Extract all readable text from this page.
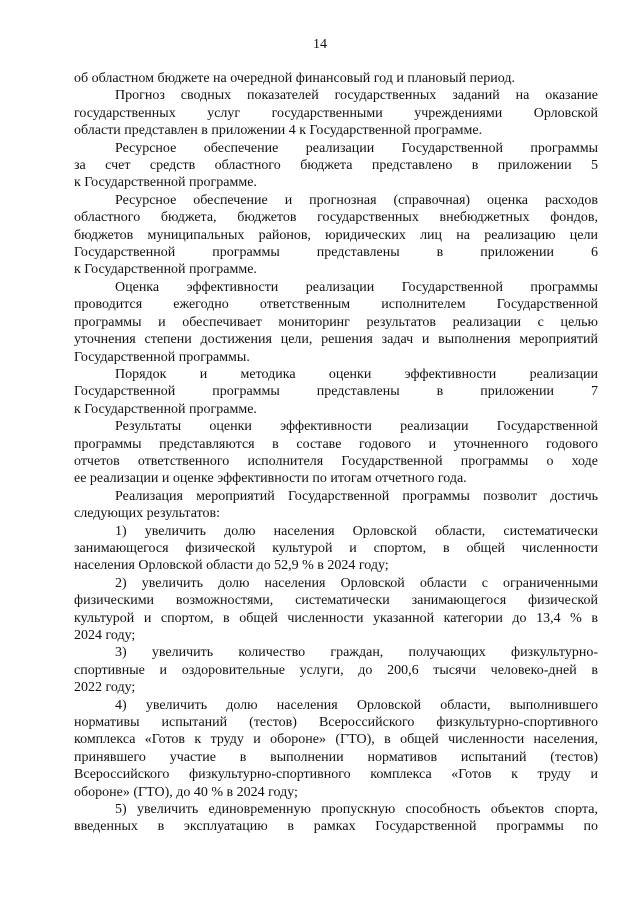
14
об областном бюджете на очередной финансовый год и плановый период.
Прогноз сводных показателей государственных заданий на оказание
государственных услуг государственными учреждениями Орловской
области представлен в приложении 4 к Государственной программе.
Ресурсное обеспечение реализации Государственной программы
за счет средств областного бюджета представлено в приложении 5
к Государственной программе.
Ресурсное обеспечение и прогнозная (справочная) оценка расходов
областного бюджета, бюджетов государственных внебюджетных фондов,
бюджетов муниципальных районов, юридических лиц на реализацию цели
Государственной программы представлены в приложении 6
к Государственной программе.
Оценка эффективности реализации Государственной программы
проводится ежегодно ответственным исполнителем Государственной
программы и обеспечивает мониторинг результатов реализации с целью
уточнения степени достижения цели, решения задач и выполнения мероприятий
Государственной программы.
Порядок и методика оценки эффективности реализации
Государственной программы представлены в приложении 7
к Государственной программе.
Результаты оценки эффективности реализации Государственной
программы представляются в составе годового и уточненного годового
отчетов ответственного исполнителя Государственной программы о ходе
ее реализации и оценке эффективности по итогам отчетного года.
Реализация мероприятий Государственной программы позволит достичь
следующих результатов:
1) увеличить долю населения Орловской области, систематически
занимающегося физической культурой и спортом, в общей численности
населения Орловской области до 52,9 % в 2024 году;
2) увеличить долю населения Орловской области с ограниченными
физическими возможностями, систематически занимающегося физической
культурой и спортом, в общей численности указанной категории до 13,4 % в
2024 году;
3) увеличить количество граждан, получающих физкультурно-
спортивные и оздоровительные услуги, до 200,6 тысячи человеко-дней в
2022 году;
4) увеличить долю населения Орловской области, выполнившего
нормативы испытаний (тестов) Всероссийского физкультурно-спортивного
комплекса «Готов к труду и обороне» (ГТО), в общей численности населения,
принявшего участие в выполнении нормативов испытаний (тестов)
Всероссийского физкультурно-спортивного комплекса «Готов к труду и
обороне» (ГТО), до 40 % в 2024 году;
5) увеличить единовременную пропускную способность объектов спорта,
введенных в эксплуатацию в рамках Государственной программы по
